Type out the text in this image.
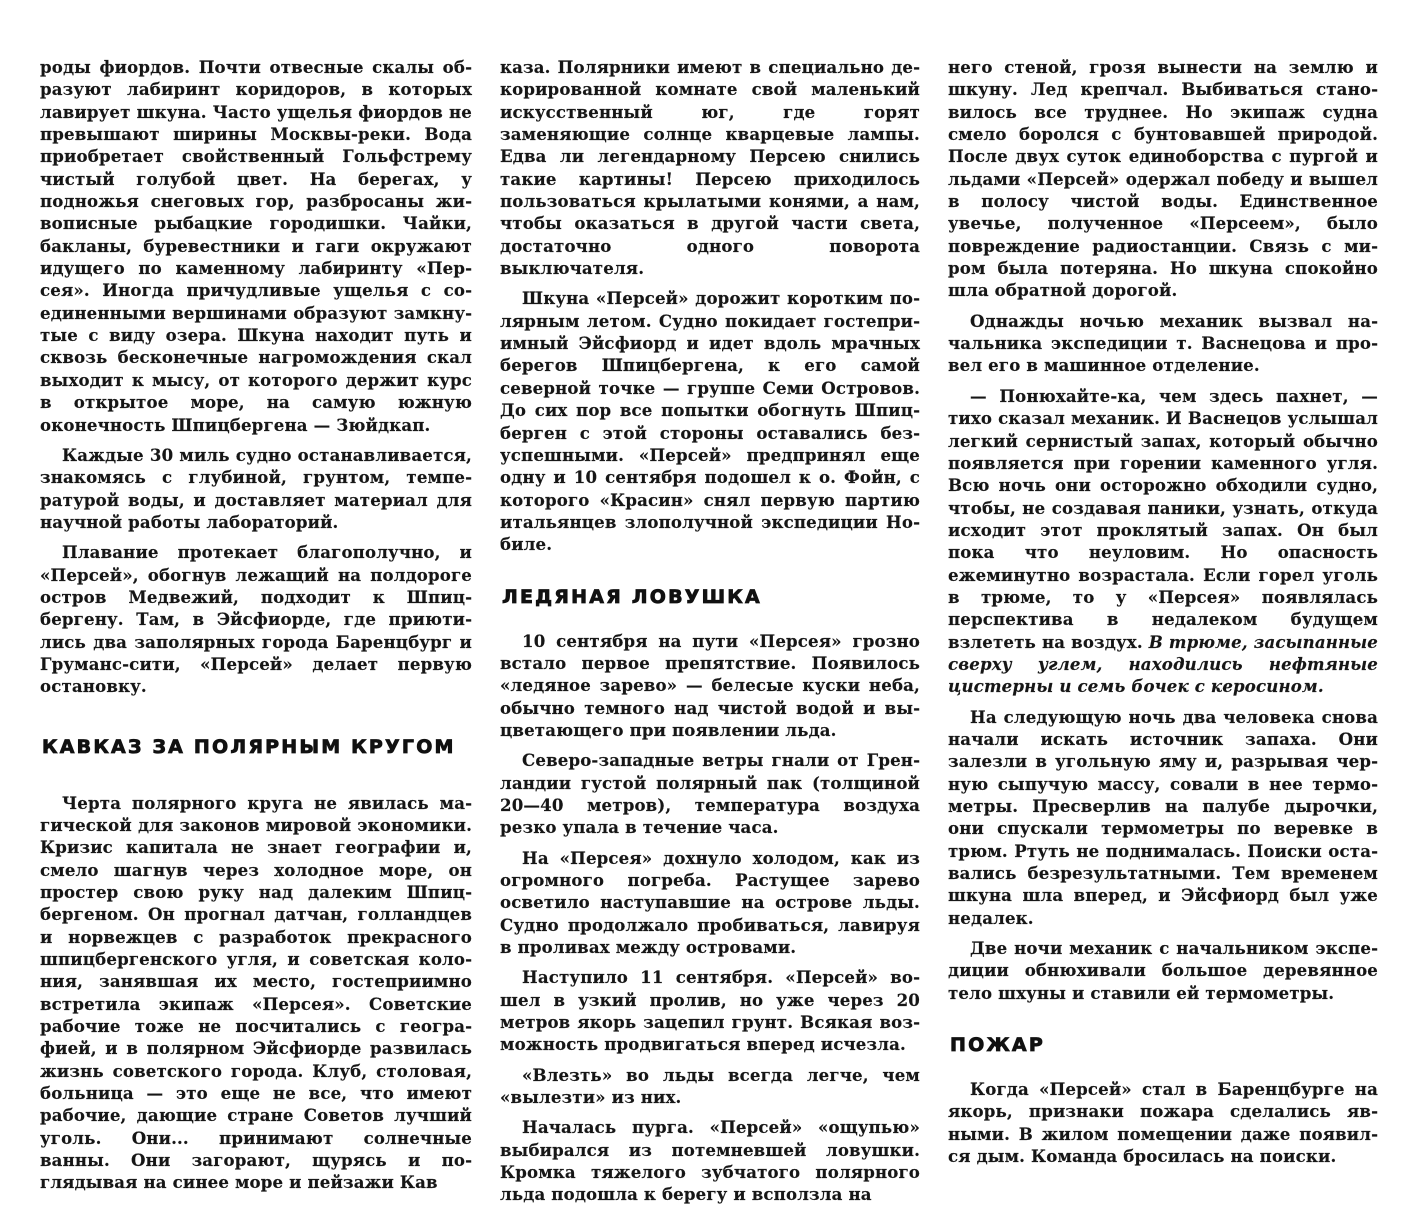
роды фиордов. Почти отвесные скалы образуют лабиринт коридоров, в которых лавирует шкуна. Часто ущелья фиордов не превышают ширины Москвы-реки. Вода приобретает свойственный Гольфстрему чистый голубой цвет. На берегах, у подножья снеговых гор, разбросаны живописные рыбацкие городишки. Чайки, бакланы, буревестники и гаги окружают идущего по каменному лабиринту «Персея». Иногда причудливые ущелья с соединенными вершинами образуют замкнутые с виду озера. Шкуна находит путь и сквозь бесконечные нагромождения скал выходит к мысу, от которого держит курс в открытое море, на самую южную оконечность Шпицбергена — Зюйдкап.

Каждые 30 миль судно останавливается, знакомясь с глубиной, грунтом, температурой воды, и доставляет материал для научной работы лабораторий.

Плавание протекает благополучно, и «Персей», обогнув лежащий на полдороге остров Медвежий, подходит к Шпицбергену. Там, в Эйсфиорде, где приютились два заполярных города Баренцбург и Груманс-сити, «Персей» делает первую остановку.

КАВКАЗ ЗА ПОЛЯРНЫМ КРУГОМ

Черта полярного круга не явилась магической для законов мировой экономики. Кризис капитала не знает географии и, смело шагнув через холодное море, он простер свою руку над далеким Шпицбергеном. Он прогнал датчан, голландцев и норвежцев с разработок прекрасного шпицбергенского угля, и советская колония, занявшая их место, гостеприимно встретила экипаж «Персея». Советские рабочие тоже не посчитались с географией, и в полярном Эйсфиорде развилась жизнь советского города. Клуб, столовая, больница — это еще не все, что имеют рабочие, дающие стране Советов лучший уголь. Они... принимают солнечные ванны. Они загорают, щурясь и поглядывая на синее море и пейзажи Кав

каза. Полярники имеют в специально декорированной комнате свой маленький искусственный юг, где горят заменяющие солнце кварцевые лампы. Едва ли легендарному Персею снились такие картины! Персею приходилось пользоваться крылатыми конями, а нам, чтобы оказаться в другой части света, достаточно одного поворота выключателя.

Шкуна «Персей» дорожит коротким полярным летом. Судно покидает гостеприимный Эйсфиорд и идет вдоль мрачных берегов Шпицбергена, к его самой северной точке — группе Семи Островов. До сих пор все попытки обогнуть Шпицберген с этой стороны оставались безуспешными. «Персей» предпринял еще одну и 10 сентября подошел к о. Фойн, с которого «Красин» снял первую партию итальянцев злополучной экспедиции Нобиле.

ЛЕДЯНАЯ ЛОВУШКА

10 сентября на пути «Персея» грозно встало первое препятствие. Появилось «ледяное зарево» — белесые куски неба, обычно темного над чистой водой и выцветающего при появлении льда.

Северо-западные ветры гнали от Гренландии густой полярный пак (толщиной 20—40 метров), температура воздуха резко упала в течение часа.

На «Персея» дохнуло холодом, как из огромного погреба. Растущее зарево осветило наступавшие на острове льды. Судно продолжало пробиваться, лавируя в проливах между островами.

Наступило 11 сентября. «Персей» вошел в узкий пролив, но уже через 20 метров якорь зацепил грунт. Всякая возможность продвигаться вперед исчезла.

«Влезть» во льды всегда легче, чем «вылезти» из них.

Началась пурга. «Персей» «ощупью» выбирался из потемневшей ловушки. Кромка тяжелого зубчатого полярного льда подошла к берегу и всползла на

него стеной, грозя вынести на землю и шкуну. Лед крепчал. Выбиваться становилось все труднее. Но экипаж судна смело боролся с бунтовавшей природой. После двух суток единоборства с пургой и льдами «Персей» одержал победу и вышел в полосу чистой воды. Единственное увечье, полученное «Персеем», было повреждение радиостанции. Связь с миром была потеряна. Но шкуна спокойно шла обратной дорогой.

Однажды ночью механик вызвал начальника экспедиции т. Васнецова и провел его в машинное отделение.

— Понюхайте-ка, чем здесь пахнет, — тихо сказал механик. И Васнецов услышал легкий сернистый запах, который обычно появляется при горении каменного угля. Всю ночь они осторожно обходили судно, чтобы, не создавая паники, узнать, откуда исходит этот проклятый запах. Он был пока что неуловим. Но опасность ежеминутно возрастала. Если горел уголь в трюме, то у «Персея» появлялась перспектива в недалеком будущем взлететь на воздух. В трюме, засыпанные сверху углем, находились нефтяные цистерны и семь бочек с керосином.

На следующую ночь два человека снова начали искать источник запаха. Они залезли в угольную яму и, разрывая черную сыпучую массу, совали в нее термометры. Пресверлив на палубе дырочки, они спускали термометры по веревке в трюм. Ртуть не поднималась. Поиски оставались безрезультатными. Тем временем шкуна шла вперед, и Эйсфиорд был уже недалек.

Две ночи механик с начальником экспедиции обнюхивали большое деревянное тело шхуны и ставили ей термометры.

ПОЖАР

Когда «Персей» стал в Баренцбурге на якорь, признаки пожара сделались явными. В жилом помещении даже появился дым. Команда бросилась на поиски.
